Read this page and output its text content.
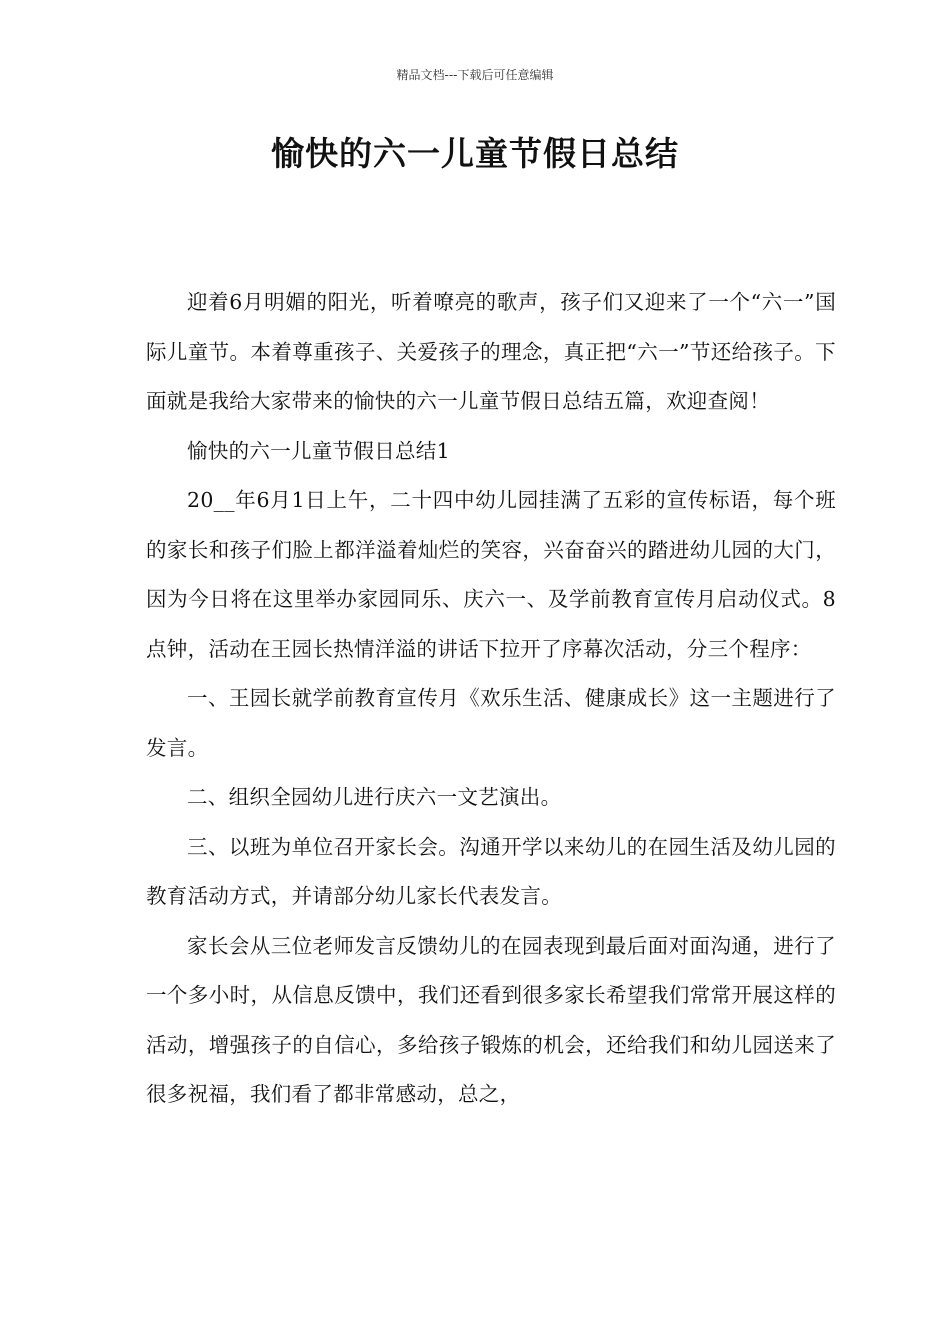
精品文档---下载后可任意编辑
愉快的六一儿童节假日总结

迎着6月明媚的阳光，听着嘹亮的歌声，孩子们又迎来了一个“六一”国际儿童节。本着尊重孩子、关爱孩子的理念，真正把“六一”节还给孩子。下面就是我给大家带来的愉快的六一儿童节假日总结五篇，欢迎查阅！

愉快的六一儿童节假日总结1

20__年6月1日上午，二十四中幼儿园挂满了五彩的宣传标语，每个班的家长和孩子们脸上都洋溢着灿烂的笑容，兴奋奋兴的踏进幼儿园的大门，因为今日将在这里举办家园同乐、庆六一、及学前教育宣传月启动仪式。8点钟，活动在王园长热情洋溢的讲话下拉开了序幕次活动，分三个程序：

一、王园长就学前教育宣传月《欢乐生活、健康成长》这一主题进行了发言。

二、组织全园幼儿进行庆六一文艺演出。

三、以班为单位召开家长会。沟通开学以来幼儿的在园生活及幼儿园的教育活动方式，并请部分幼儿家长代表发言。

家长会从三位老师发言反馈幼儿的在园表现到最后面对面沟通，进行了一个多小时，从信息反馈中，我们还看到很多家长希望我们常常开展这样的活动，增强孩子的自信心，多给孩子锻炼的机会，还给我们和幼儿园送来了很多祝福，我们看了都非常感动，总之，
